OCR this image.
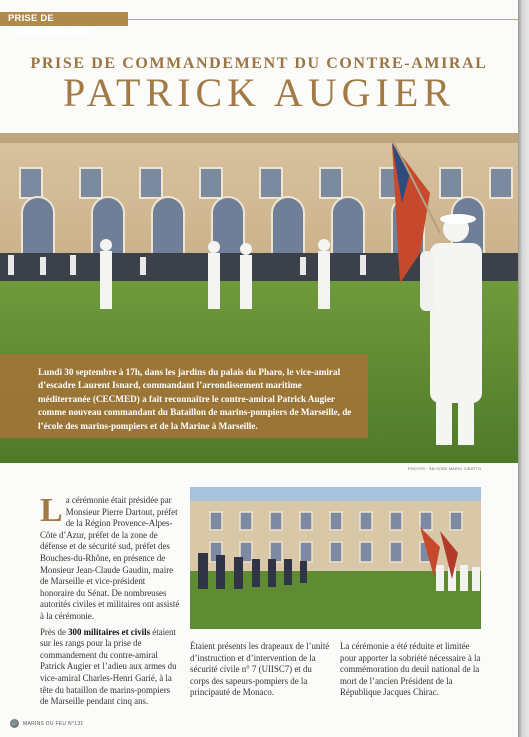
PRISE DE COMMANDEMENT
PRISE DE COMMANDEMENT DU CONTRE-AMIRAL
PATRICK AUGIER

Lundi 30 septembre à 17h, dans les jardins du palais du Pharo, le vice-amiral d’escadre Laurent Isnard, commandant l’arrondissement maritime méditerranée (CECMED) a fait reconnaître le contre-amiral Patrick Augier comme nouveau commandant du Bataillon de marins-pompiers de Marseille, de l’école des marins-pompiers et de la Marine à Marseille.

PHOTOS : SM SOBE MARIO CIRATTO

La cérémonie était présidée par Monsieur Pierre Dartout, préfet de la Région Provence-Alpes- Côte d’Azur, préfet de la zone de défense et de sécurité sud, préfet des Bouches-du-Rhône, en présence de Monsieur Jean-Claude Gaudin, maire de Marseille et vice-président honoraire du Sénat. De nombreuses autorités civiles et militaires ont assisté à la cérémonie.

Près de 300 militaires et civils étaient sur les rangs pour la prise de commandement du contre-amiral Patrick Augier et l’adieu aux armes du vice-amiral Charles-Henri Garié, à la tête du bataillon de marins-pompiers de Marseille pendant cinq ans.

Étaient présents les drapeaux de l’unité d’instruction et d’intervention de la sécurité civile n° 7 (UIISC7) et du corps des sapeurs-pompiers de la principauté de Monaco.

La cérémonie a été réduite et limitée pour apporter la sobriété nécessaire à la commémoration du deuil national de la mort de l’ancien Président de la République Jacques Chirac.

⚓ MARINS DU FEU N°131
